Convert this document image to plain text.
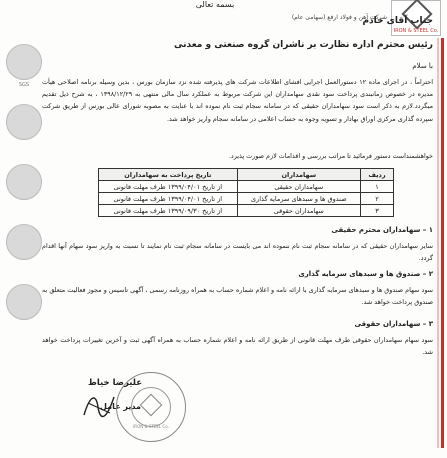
IRON & STEEL Co.
شرکت آهن و فولاد ارفع (سهامی عام)
بسمه تعالی
SGS
جناب آقای خادم
رئیس محترم اداره نظارت بر ناشران گروه صنعتی و معدنی
با سلام
احتراماً ، در اجرای ماده ۱۲ دستورالعمل اجرایی افشای اطلاعات شرکت های پذیرفته شده نزد سازمان بورس ، بدین وسیله برنامه اصلاحی هیأت مدیره در خصوص زمانبندی پرداخت سود نقدی سهامداران این شرکت مربوط به عملکرد سال مالی منتهی به ۱۳۹۸/۱۲/۲۹ ، به شرح ذیل تقدیم میگردد.لازم به ذکر است سود سهامداران حقیقی که در سامانه سجام ثبت نام نموده اند با عنایت به مصوبه شورای عالی بورس از طریق شرکت سپرده گذاری مرکزی اوراق بهادار و تسویه وجوه به حساب اعلامی در سامانه سجام واریز خواهد شد.
خواهشمنداست دستور فرمائید تا مراتب بررسی و اقدامات لازم صورت پذیرد.
ردیف	سهامداران	تاریخ پرداخت به سهامداران
۱	سهامداران حقیقی	از تاریخ ۱۳۹۹/۰۴/۰۱ ظرف مهلت قانونی
۲	صندوق ها و سبدهای سرمایه گذاری	از تاریخ ۱۳۹۹/۰۴/۰۱ ظرف مهلت قانونی
۳	سهامداران حقوقی	از تاریخ ۱۳۹۹/۰۹/۳۰ ظرف مهلت قانونی
۱ – سهامداران محترم حقیقی
سایر سهامداران حقیقی که در سامانه سجام ثبت نام ننموده اند می بایست در سامانه سجام ثبت نام نمایند تا نسبت به واریز سود سهام آنها اقدام گردد.
۲ – صندوق ها و سبدهای سرمایه گذاری
سود سهام صندوق ها و سبدهای سرمایه گذاری با ارائه نامه و اعلام شماره حساب به همراه روزنامه رسمی ، آگهی تاسیس و مجوز فعالیت متعلق به صندوق پرداخت خواهد شد.
۳ – سهامداران حقوقی
سود سهام سهامداران حقوقی طرف مهلت قانونی از طریق ارائه نامه و اعلام شماره حساب به همراه آگهی ثبت و آخرین تغییرات پرداخت خواهد شد.
علیرضا خیاط
مدیر عامل
IRON & STEEL Co.
